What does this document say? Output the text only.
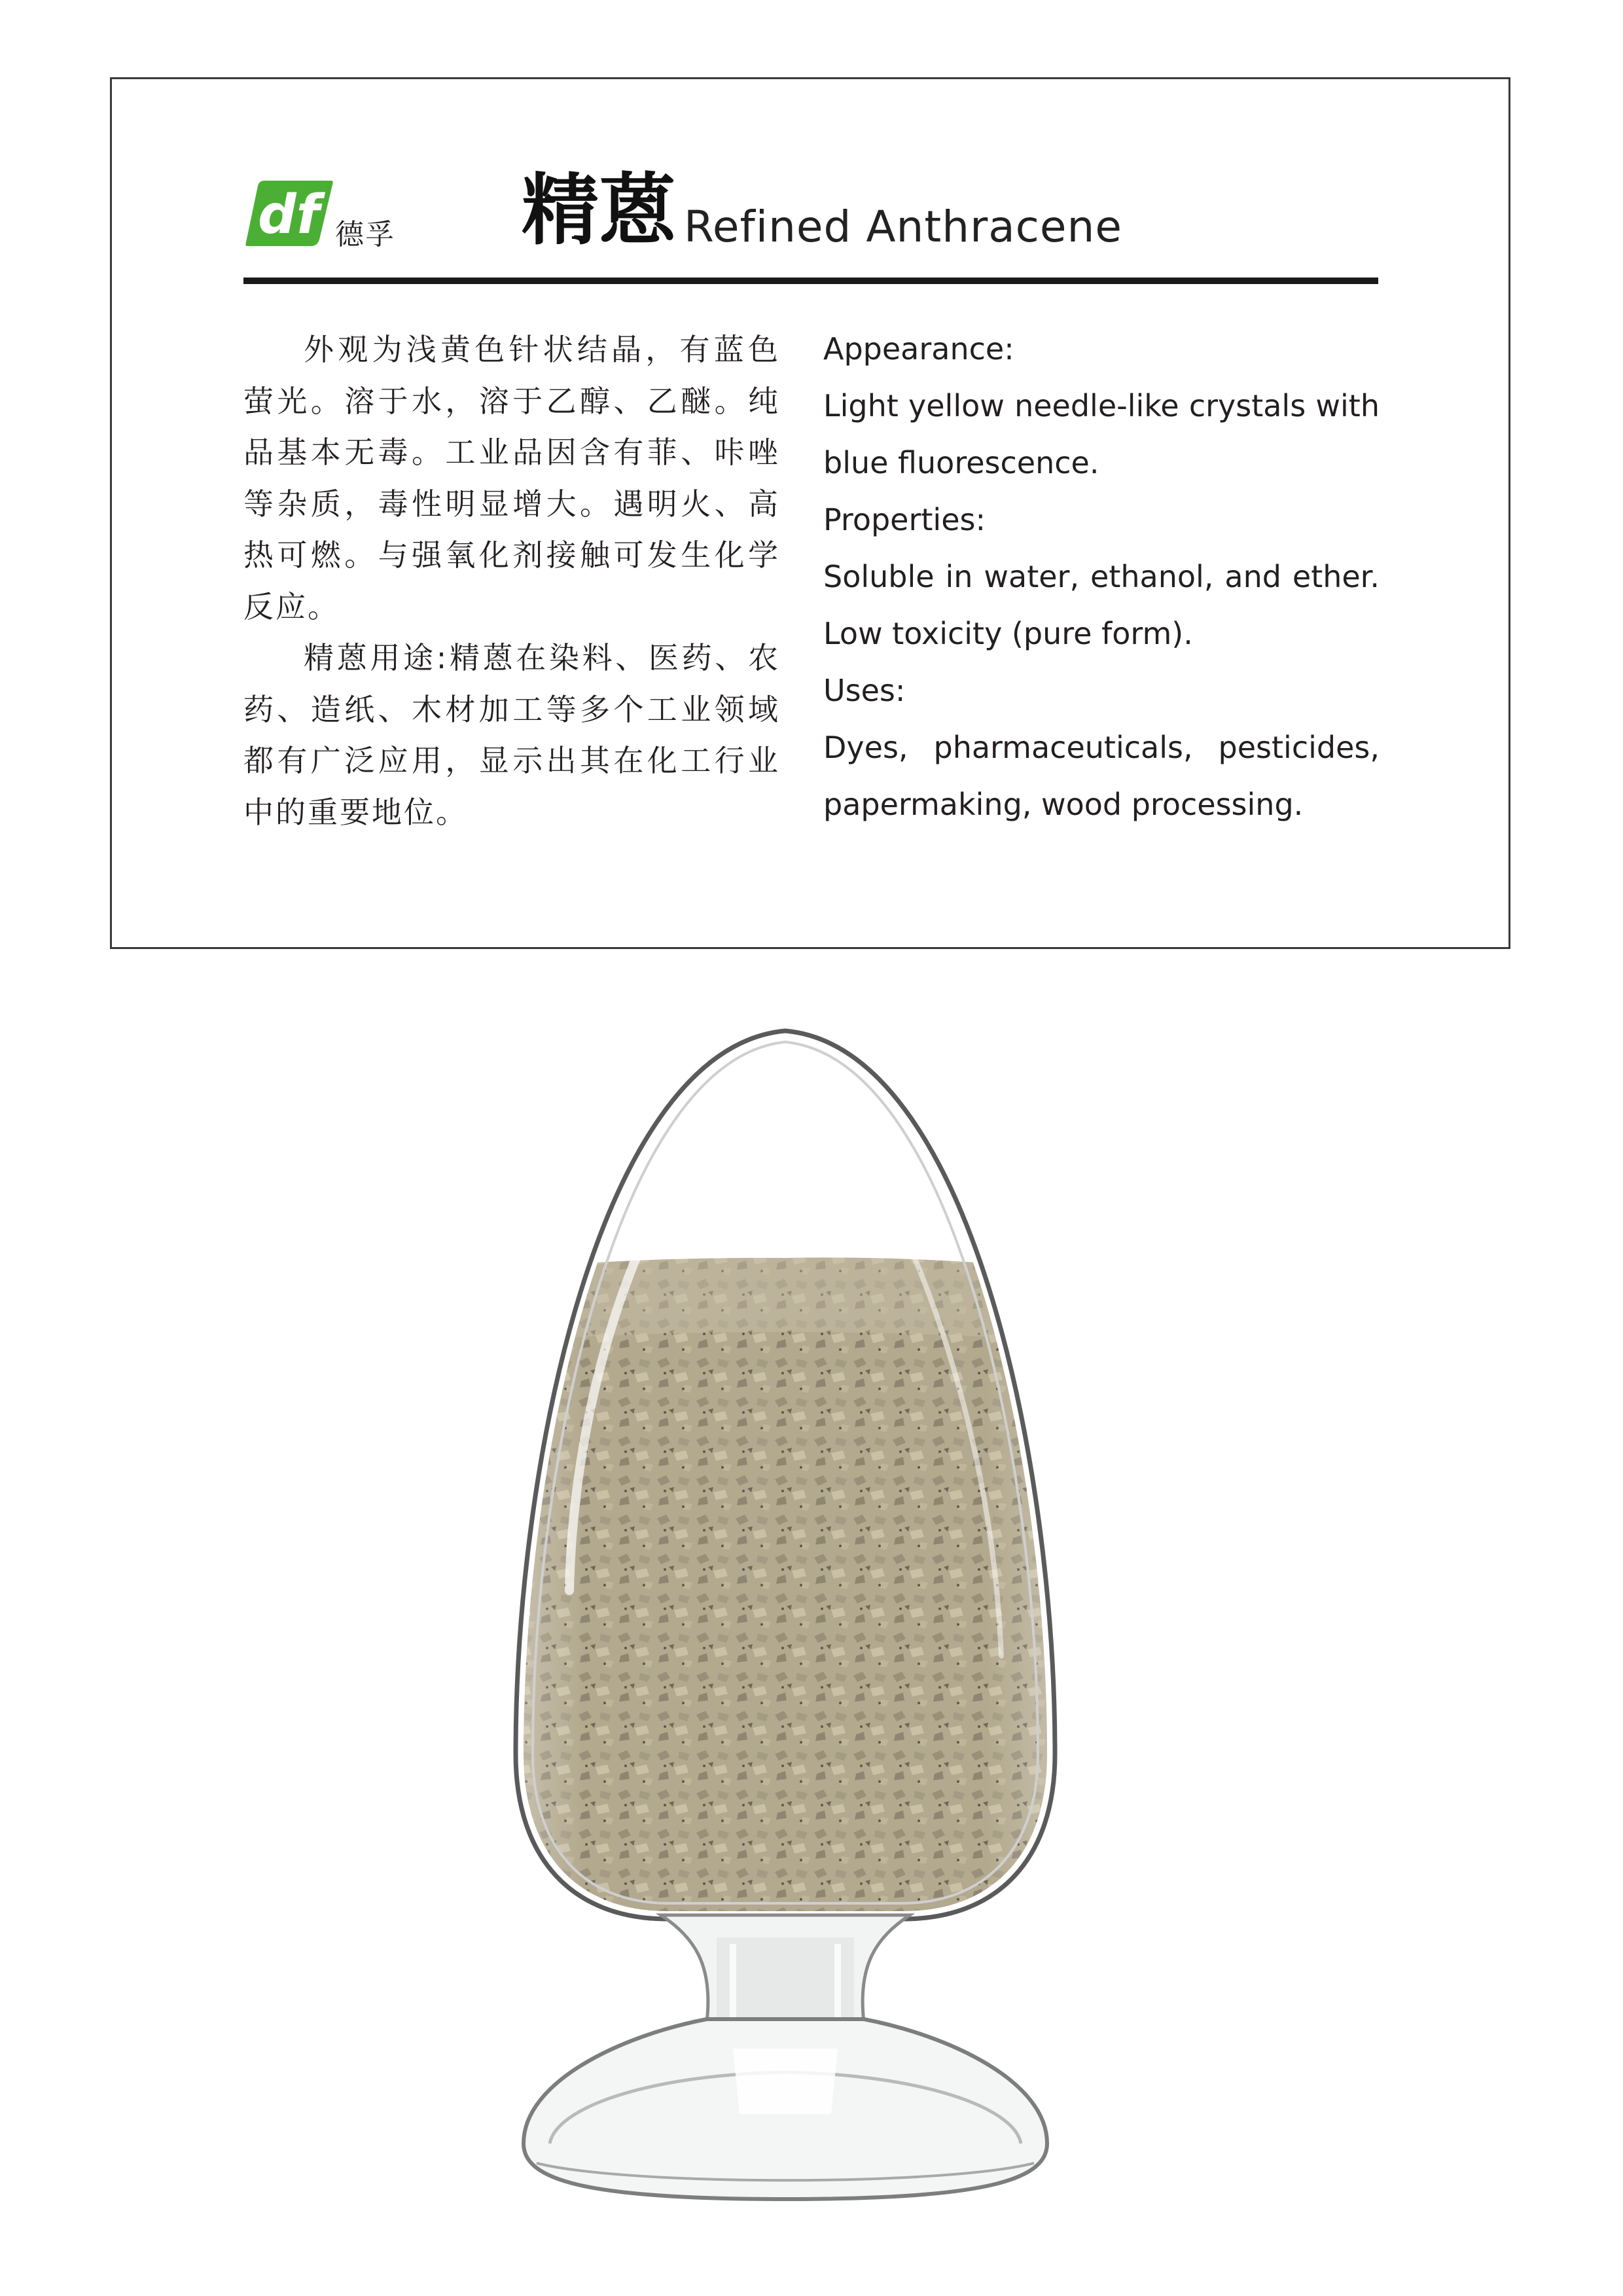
df 德孚 精蒽 Refined Anthracene

外观为浅黄色针状结晶，有蓝色萤光。溶于水，溶于乙醇、乙醚。纯品基本无毒。工业品因含有菲、咔唑等杂质，毒性明显增大。遇明火、高热可燃。与强氧化剂接触可发生化学反应。

精蒽用途:精蒽在染料、医药、农药、造纸、木材加工等多个工业领域都有广泛应用，显示出其在化工行业中的重要地位。

Appearance:

Light yellow needle-like crystals with

blue fluorescence.

Properties:

Soluble in water, ethanol, and ether.

Low toxicity (pure form).

Uses:

Dyes, pharmaceuticals, pesticides,

papermaking, wood processing.
